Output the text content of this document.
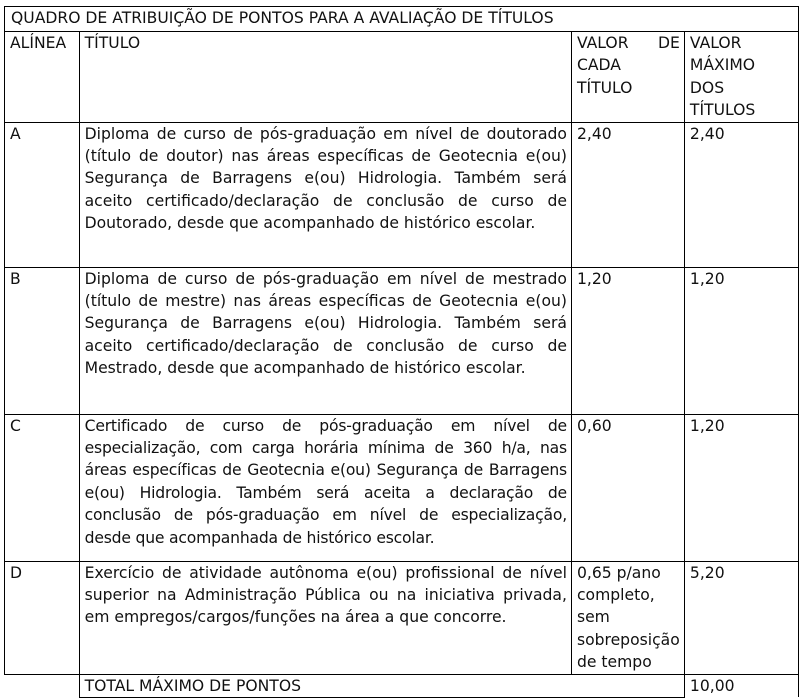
QUADRO DE ATRIBUIÇÃO DE PONTOS PARA A AVALIAÇÃO DE TÍTULOS			
ALÍNEA	TÍTULO	VALOR DE CADA TÍTULO	VALOR MÁXIMO DOS TÍTULOS
A	Diploma de curso de pós-graduação em nível de doutorado (título de doutor) nas áreas específicas de Geotecnia e(ou) Segurança de Barragens e(ou) Hidrologia. Também será aceito certificado/declaração de conclusão de curso de Doutorado, desde que acompanhado de histórico escolar.	2,40	2,40
B	Diploma de curso de pós-graduação em nível de mestrado (título de mestre) nas áreas específicas de Geotecnia e(ou) Segurança de Barragens e(ou) Hidrologia. Também será aceito certificado/declaração de conclusão de curso de Mestrado, desde que acompanhado de histórico escolar.	1,20	1,20
C	Certificado de curso de pós-graduação em nível de especialização, com carga horária mínima de 360 h/a, nas áreas específicas de Geotecnia e(ou) Segurança de Barragens e(ou) Hidrologia. Também será aceita a declaração de conclusão de pós-graduação em nível de especialização, desde que acompanhada de histórico escolar.	0,60	1,20
D	Exercício de atividade autônoma e(ou) profissional de nível superior na Administração Pública ou na iniciativa privada, em empregos/cargos/funções na área a que concorre.	0,65 p/ano completo, sem sobreposição de tempo	5,20
	TOTAL MÁXIMO DE PONTOS		10,00
